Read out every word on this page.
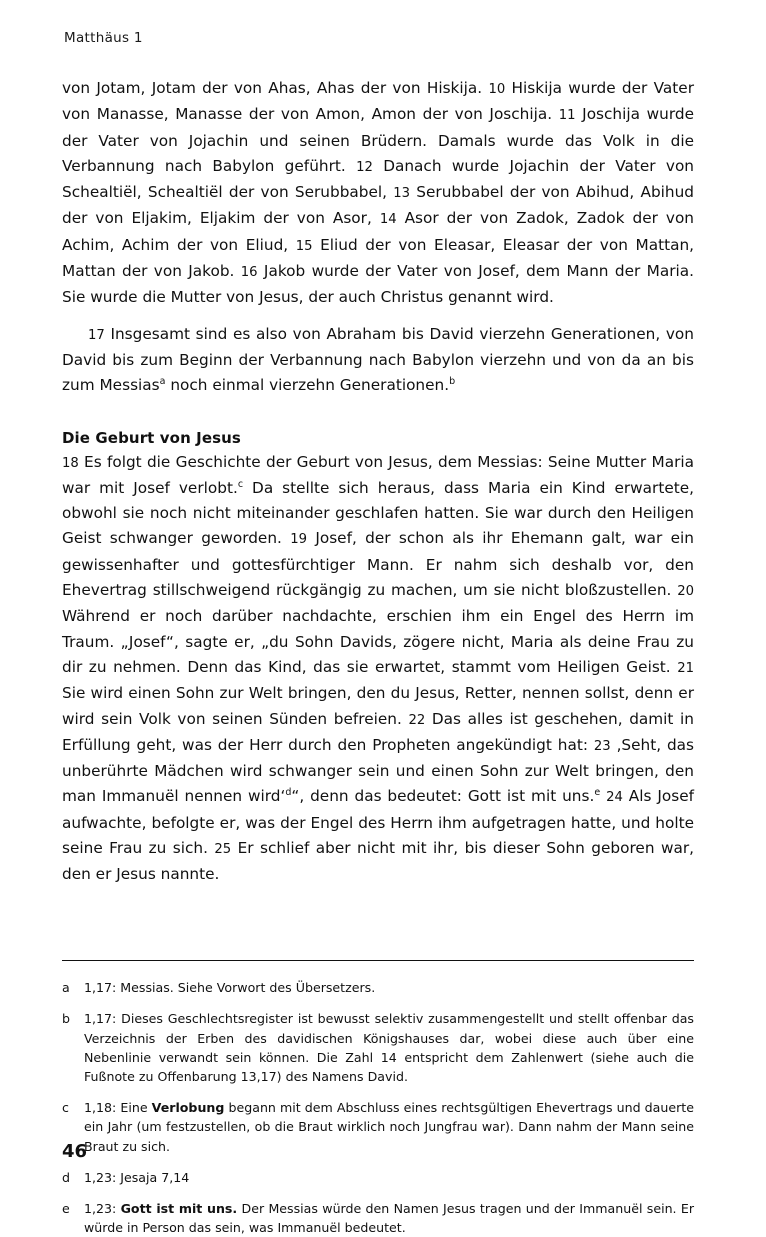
Matthäus 1

von Jotam, Jotam der von Ahas, Ahas der von Hiskija. 10 Hiskija wurde der Vater von Manasse, Manasse der von Amon, Amon der von Joschija. 11 Joschija wurde der Vater von Jojachin und seinen Brüdern. Damals wurde das Volk in die Verbannung nach Babylon geführt. 12 Danach wurde Jojachin der Vater von Schealtiël, Schealtiël der von Serubbabel, 13 Serubbabel der von Abihud, Abihud der von Eljakim, Eljakim der von Asor, 14 Asor der von Zadok, Zadok der von Achim, Achim der von Eliud, 15 Eliud der von Eleasar, Eleasar der von Mattan, Mattan der von Jakob. 16 Jakob wurde der Vater von Josef, dem Mann der Maria. Sie wurde die Mutter von Jesus, der auch Christus genannt wird.

17 Insgesamt sind es also von Abraham bis David vierzehn Generationen, von David bis zum Beginn der Verbannung nach Babylon vierzehn und von da an bis zum Messias$^a$ noch einmal vierzehn Generationen.$^b$

Die Geburt von Jesus

18 Es folgt die Geschichte der Geburt von Jesus, dem Messias: Seine Mutter Maria war mit Josef verlobt.$^c$ Da stellte sich heraus, dass Maria ein Kind erwartete, obwohl sie noch nicht miteinander geschlafen hatten. Sie war durch den Heiligen Geist schwanger geworden. 19 Josef, der schon als ihr Ehemann galt, war ein gewissenhafter und gottesfürchtiger Mann. Er nahm sich deshalb vor, den Ehevertrag stillschweigend rückgängig zu machen, um sie nicht bloßzustellen. 20 Während er noch darüber nachdachte, erschien ihm ein Engel des Herrn im Traum. „Josef“, sagte er, „du Sohn Davids, zögere nicht, Maria als deine Frau zu dir zu nehmen. Denn das Kind, das sie erwartet, stammt vom Heiligen Geist. 21 Sie wird einen Sohn zur Welt bringen, den du Jesus, Retter, nennen sollst, denn er wird sein Volk von seinen Sünden befreien. 22 Das alles ist geschehen, damit in Erfüllung geht, was der Herr durch den Propheten angekündigt hat: 23 ‚Seht, das unberührte Mädchen wird schwanger sein und einen Sohn zur Welt bringen, den man Immanuël nennen wird‘$^d$“, denn das bedeutet: Gott ist mit uns.$^e$ 24 Als Josef aufwachte, befolgte er, was der Engel des Herrn ihm aufgetragen hatte, und holte seine Frau zu sich. 25 Er schlief aber nicht mit ihr, bis dieser Sohn geboren war, den er Jesus nannte.

a	1,17: Messias. Siehe Vorwort des Übersetzers.
b	1,17: Dieses Geschlechtsregister ist bewusst selektiv zusammengestellt und stellt offenbar das Verzeichnis der Erben des davidischen Königshauses dar, wobei diese auch über eine Nebenlinie verwandt sein können. Die Zahl 14 entspricht dem Zahlenwert (siehe auch die Fußnote zu Offenbarung 13,17) des Namens David.
c	1,18: Eine Verlobung begann mit dem Abschluss eines rechtsgültigen Ehevertrags und dauerte ein Jahr (um festzustellen, ob die Braut wirklich noch Jungfrau war). Dann nahm der Mann seine Braut zu sich.
d	1,23: Jesaja 7,14
e	1,23: Gott ist mit uns. Der Messias würde den Namen Jesus tragen und der Immanuël sein. Er würde in Person das sein, was Immanuël bedeutet.
46
